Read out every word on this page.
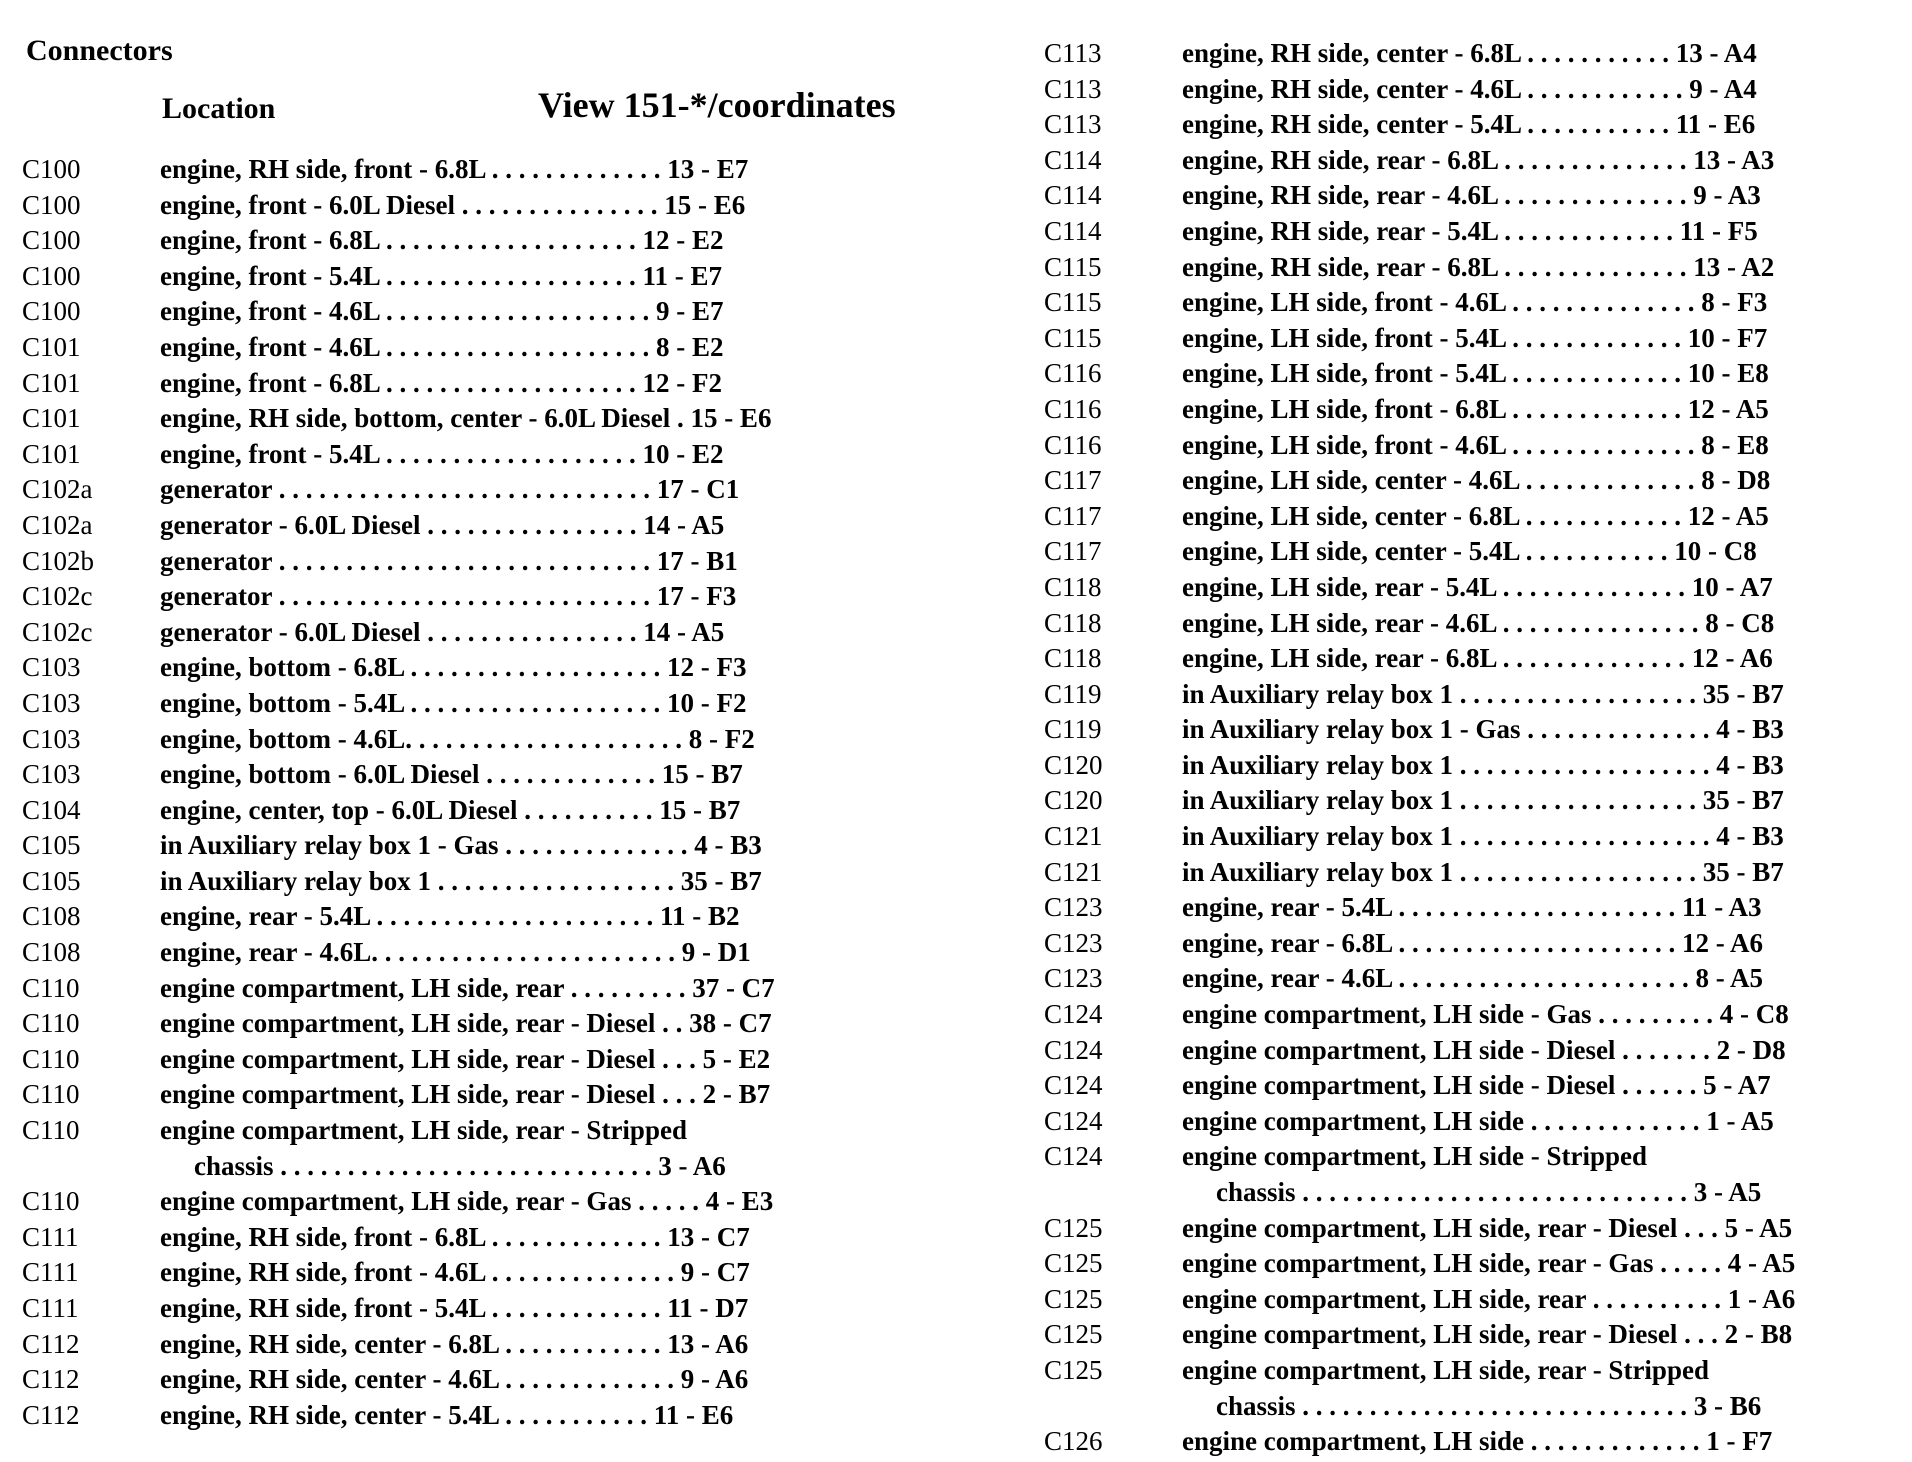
Connectors
Location	View 151-*/coordinates
C100	engine, RH side, front - 6.8L . . . . . . . . . . . . . 13 - E7
C100	engine, front - 6.0L Diesel . . . . . . . . . . . . . . . 15 - E6
C100	engine, front - 6.8L . . . . . . . . . . . . . . . . . . . 12 - E2
C100	engine, front - 5.4L . . . . . . . . . . . . . . . . . . . 11 - E7
C100	engine, front - 4.6L . . . . . . . . . . . . . . . . . . . . 9 - E7
C101	engine, front - 4.6L . . . . . . . . . . . . . . . . . . . . 8 - E2
C101	engine, front - 6.8L . . . . . . . . . . . . . . . . . . . 12 - F2
C101	engine, RH side, bottom, center - 6.0L Diesel . 15 - E6
C101	engine, front - 5.4L . . . . . . . . . . . . . . . . . . . 10 - E2
C102a	generator . . . . . . . . . . . . . . . . . . . . . . . . . . . . 17 - C1
C102a	generator - 6.0L Diesel . . . . . . . . . . . . . . . . 14 - A5
C102b	generator . . . . . . . . . . . . . . . . . . . . . . . . . . . . 17 - B1
C102c	generator . . . . . . . . . . . . . . . . . . . . . . . . . . . . 17 - F3
C102c	generator - 6.0L Diesel . . . . . . . . . . . . . . . . 14 - A5
C103	engine, bottom - 6.8L . . . . . . . . . . . . . . . . . . . 12 - F3
C103	engine, bottom - 5.4L . . . . . . . . . . . . . . . . . . . 10 - F2
C103	engine, bottom - 4.6L. . . . . . . . . . . . . . . . . . . . . 8 - F2
C103	engine, bottom - 6.0L Diesel . . . . . . . . . . . . . 15 - B7
C104	engine, center, top - 6.0L Diesel . . . . . . . . . . 15 - B7
C105	in Auxiliary relay box 1 - Gas . . . . . . . . . . . . . . 4 - B3
C105	in Auxiliary relay box 1 . . . . . . . . . . . . . . . . . . 35 - B7
C108	engine, rear - 5.4L . . . . . . . . . . . . . . . . . . . . . 11 - B2
C108	engine, rear - 4.6L. . . . . . . . . . . . . . . . . . . . . . . 9 - D1
C110	engine compartment, LH side, rear . . . . . . . . . 37 - C7
C110	engine compartment, LH side, rear - Diesel . . 38 - C7
C110	engine compartment, LH side, rear - Diesel . . . 5 - E2
C110	engine compartment, LH side, rear - Diesel . . . 2 - B7
C110	engine compartment, LH side, rear - Stripped
chassis . . . . . . . . . . . . . . . . . . . . . . . . . . . . 3 - A6
C110	engine compartment, LH side, rear - Gas . . . . . 4 - E3
C111	engine, RH side, front - 6.8L . . . . . . . . . . . . . 13 - C7
C111	engine, RH side, front - 4.6L . . . . . . . . . . . . . . 9 - C7
C111	engine, RH side, front - 5.4L . . . . . . . . . . . . . 11 - D7
C112	engine, RH side, center - 6.8L . . . . . . . . . . . . 13 - A6
C112	engine, RH side, center - 4.6L . . . . . . . . . . . . . 9 - A6
C112	engine, RH side, center - 5.4L . . . . . . . . . . . 11 - E6
C113	engine, RH side, center - 6.8L . . . . . . . . . . . 13 - A4
C113	engine, RH side, center - 4.6L . . . . . . . . . . . . 9 - A4
C113	engine, RH side, center - 5.4L . . . . . . . . . . . 11 - E6
C114	engine, RH side, rear - 6.8L . . . . . . . . . . . . . . 13 - A3
C114	engine, RH side, rear - 4.6L . . . . . . . . . . . . . . 9 - A3
C114	engine, RH side, rear - 5.4L . . . . . . . . . . . . . 11 - F5
C115	engine, RH side, rear - 6.8L . . . . . . . . . . . . . . 13 - A2
C115	engine, LH side, front - 4.6L . . . . . . . . . . . . . . 8 - F3
C115	engine, LH side, front - 5.4L . . . . . . . . . . . . . 10 - F7
C116	engine, LH side, front - 5.4L . . . . . . . . . . . . . 10 - E8
C116	engine, LH side, front - 6.8L . . . . . . . . . . . . . 12 - A5
C116	engine, LH side, front - 4.6L . . . . . . . . . . . . . . 8 - E8
C117	engine, LH side, center - 4.6L . . . . . . . . . . . . . 8 - D8
C117	engine, LH side, center - 6.8L . . . . . . . . . . . . 12 - A5
C117	engine, LH side, center - 5.4L . . . . . . . . . . . 10 - C8
C118	engine, LH side, rear - 5.4L . . . . . . . . . . . . . . 10 - A7
C118	engine, LH side, rear - 4.6L . . . . . . . . . . . . . . . 8 - C8
C118	engine, LH side, rear - 6.8L . . . . . . . . . . . . . . 12 - A6
C119	in Auxiliary relay box 1 . . . . . . . . . . . . . . . . . . 35 - B7
C119	in Auxiliary relay box 1 - Gas . . . . . . . . . . . . . . 4 - B3
C120	in Auxiliary relay box 1 . . . . . . . . . . . . . . . . . . . 4 - B3
C120	in Auxiliary relay box 1 . . . . . . . . . . . . . . . . . . 35 - B7
C121	in Auxiliary relay box 1 . . . . . . . . . . . . . . . . . . . 4 - B3
C121	in Auxiliary relay box 1 . . . . . . . . . . . . . . . . . . 35 - B7
C123	engine, rear - 5.4L . . . . . . . . . . . . . . . . . . . . . 11 - A3
C123	engine, rear - 6.8L . . . . . . . . . . . . . . . . . . . . . 12 - A6
C123	engine, rear - 4.6L . . . . . . . . . . . . . . . . . . . . . . 8 - A5
C124	engine compartment, LH side - Gas . . . . . . . . . 4 - C8
C124	engine compartment, LH side - Diesel . . . . . . . 2 - D8
C124	engine compartment, LH side - Diesel . . . . . . 5 - A7
C124	engine compartment, LH side . . . . . . . . . . . . . 1 - A5
C124	engine compartment, LH side - Stripped
chassis . . . . . . . . . . . . . . . . . . . . . . . . . . . . . 3 - A5
C125	engine compartment, LH side, rear - Diesel . . . 5 - A5
C125	engine compartment, LH side, rear - Gas . . . . . 4 - A5
C125	engine compartment, LH side, rear . . . . . . . . . . 1 - A6
C125	engine compartment, LH side, rear - Diesel . . . 2 - B8
C125	engine compartment, LH side, rear - Stripped
chassis . . . . . . . . . . . . . . . . . . . . . . . . . . . . . 3 - B6
C126	engine compartment, LH side . . . . . . . . . . . . . 1 - F7
